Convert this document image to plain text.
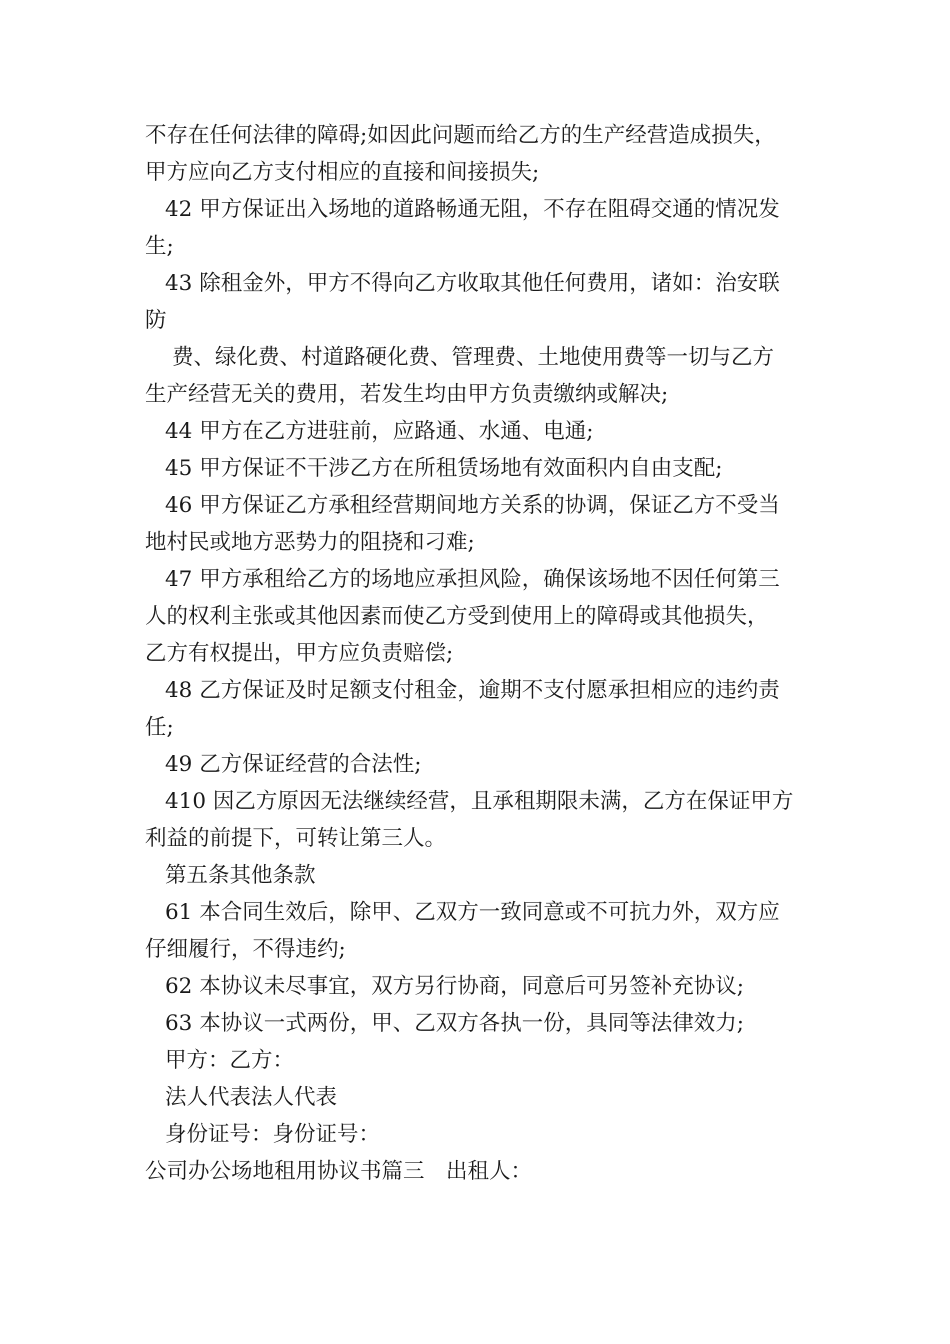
不存在任何法律的障碍;如因此问题而给乙方的生产经营造成损失，
甲方应向乙方支付相应的直接和间接损失;
42 甲方保证出入场地的道路畅通无阻，不存在阻碍交通的情况发
生;
43 除租金外，甲方不得向乙方收取其他任何费用，诸如：治安联
防
费、绿化费、村道路硬化费、管理费、土地使用费等一切与乙方
生产经营无关的费用，若发生均由甲方负责缴纳或解决;
44 甲方在乙方进驻前，应路通、水通、电通;
45 甲方保证不干涉乙方在所租赁场地有效面积内自由支配;
46 甲方保证乙方承租经营期间地方关系的协调，保证乙方不受当
地村民或地方恶势力的阻挠和刁难;
47 甲方承租给乙方的场地应承担风险，确保该场地不因任何第三
人的权利主张或其他因素而使乙方受到使用上的障碍或其他损失，
乙方有权提出，甲方应负责赔偿;
48 乙方保证及时足额支付租金，逾期不支付愿承担相应的违约责
任;
49 乙方保证经营的合法性;
410 因乙方原因无法继续经营，且承租期限未满，乙方在保证甲方
利益的前提下，可转让第三人。
第五条其他条款
61 本合同生效后，除甲、乙双方一致同意或不可抗力外，双方应
仔细履行，不得违约;
62 本协议未尽事宜，双方另行协商，同意后可另签补充协议;
63 本协议一式两份，甲、乙双方各执一份，具同等法律效力;
甲方：乙方：
法人代表法人代表
身份证号：身份证号：
公司办公场地租用协议书篇三　出租人：
